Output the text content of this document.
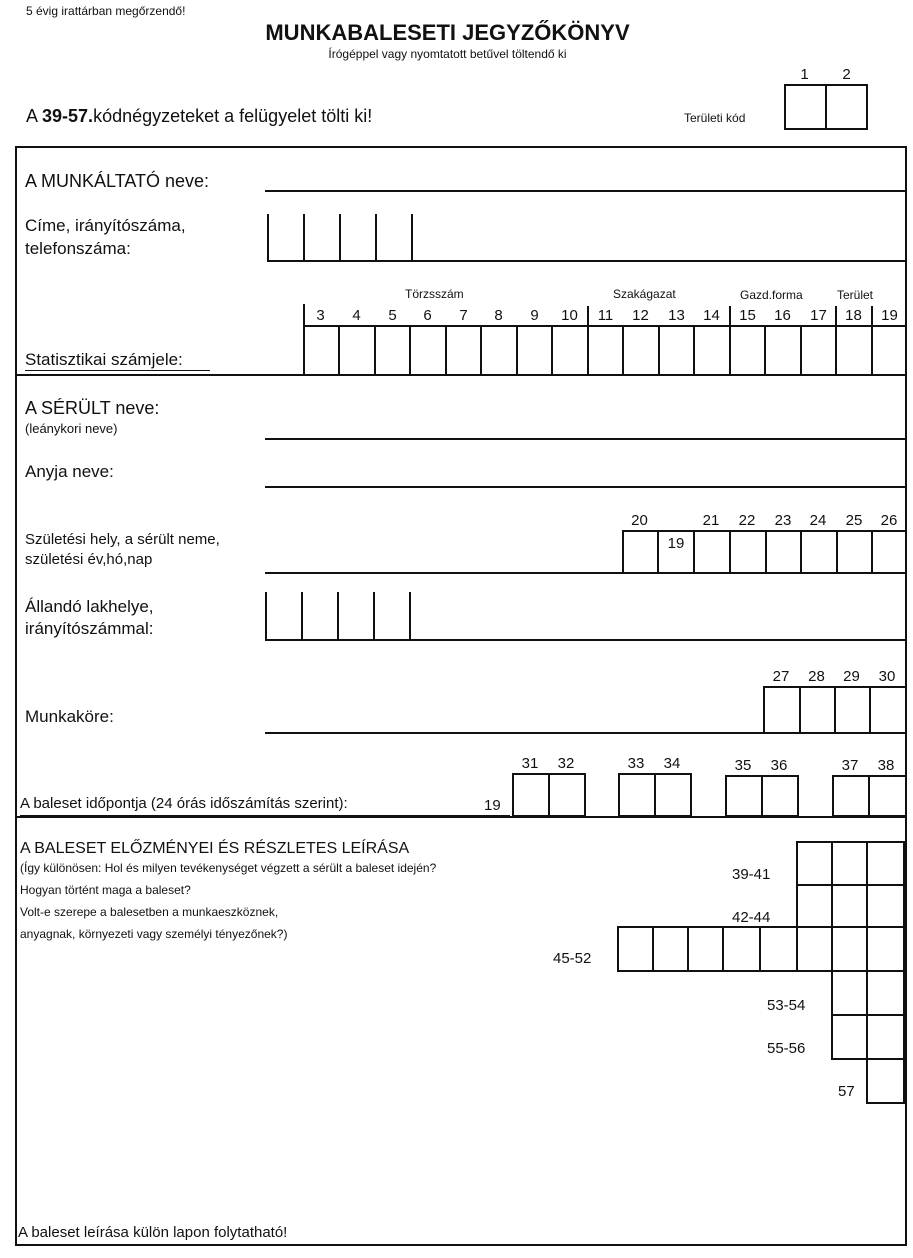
5 évig irattárban megőrzendő!
MUNKABALESETI JEGYZŐKÖNYV
Írógéppel vagy nyomtatott betűvel töltendő ki
A 39-57.kódnégyzeteket a felügyelet tölti ki!	Területi kód
1	2
A MUNKÁLTATÓ neve:
Címe, irányítószáma,
telefonszáma:
Törzsszám	Szakágazat	Gazd.forma	Terület
3	4	5	6	7	8	9	10	11	12	13	14	15	16	17	18	19
Statisztikai számjele:
A SÉRÜLT neve:
(leánykori neve)
Anyja neve:
Születési hely, a sérült neme,
születési év,hó,nap
20	21	22	23	24	25	26
19
Állandó lakhelye,
irányítószámmal:
Munkaköre:
27	28	29	30
A baleset időpontja (24 órás időszámítás szerint):	19
31	32	33	34	35	36	37	38
A BALESET ELŐZMÉNYEI ÉS RÉSZLETES LEÍRÁSA
(Így különösen: Hol és milyen tevékenységet végzett a sérült a baleset idején?
Hogyan történt maga a baleset?
Volt-e szerepe a balesetben a munkaeszköznek,
anyagnak, környezeti vagy személyi tényezőnek?)
39-41
42-44
45-52
53-54
55-56
57
A baleset leírása külön lapon folytatható!
